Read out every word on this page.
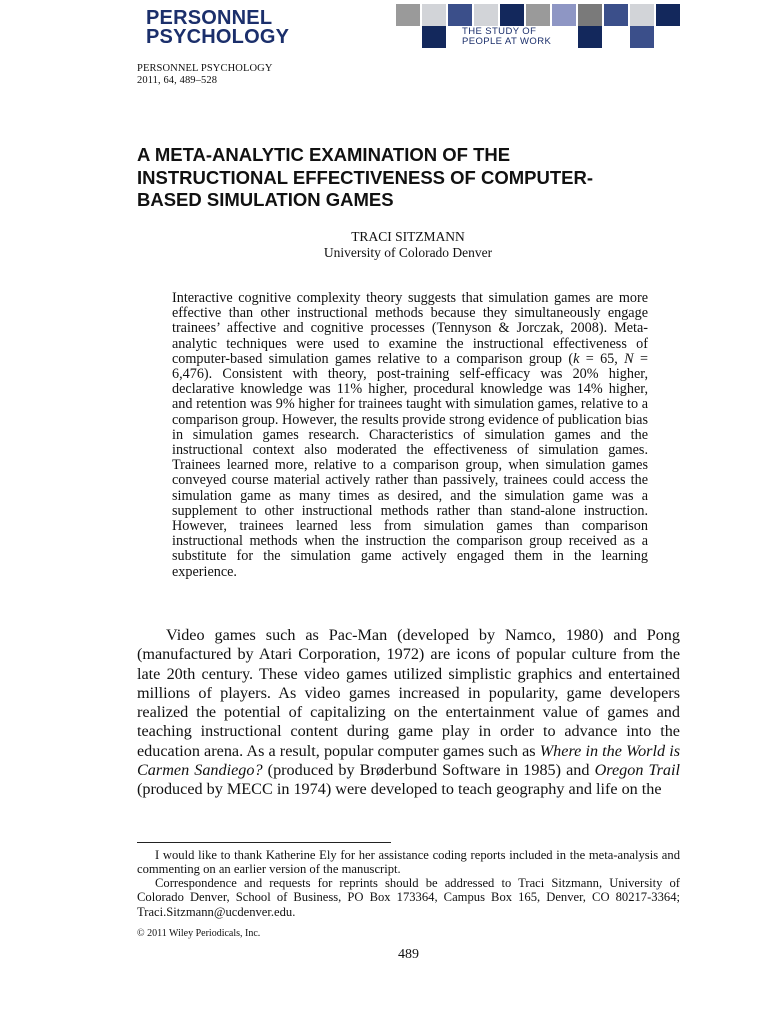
PERSONNEL
PSYCHOLOGY	THE STUDY OF
PEOPLE AT WORK
PERSONNEL PSYCHOLOGY
2011, 64, 489–528
A META-ANALYTIC EXAMINATION OF THE INSTRUCTIONAL EFFECTIVENESS OF COMPUTER-BASED SIMULATION GAMES
TRACI SITZMANN
University of Colorado Denver
Interactive cognitive complexity theory suggests that simulation games are more effective than other instructional methods because they simultaneously engage trainees’ affective and cognitive processes (Tennyson & Jorczak, 2008). Meta-analytic techniques were used to examine the instructional effectiveness of computer-based simulation games relative to a comparison group (k = 65, N = 6,476). Consistent with theory, post-training self-efficacy was 20% higher, declarative knowledge was 11% higher, procedural knowledge was 14% higher, and retention was 9% higher for trainees taught with simulation games, relative to a comparison group. However, the results provide strong evidence of publication bias in simulation games research. Characteristics of simulation games and the instructional context also moderated the effectiveness of simulation games. Trainees learned more, relative to a comparison group, when simulation games conveyed course material actively rather than passively, trainees could access the simulation game as many times as desired, and the simulation game was a supplement to other instructional methods rather than stand-alone instruction. However, trainees learned less from simulation games than comparison instructional methods when the instruction the comparison group received as a substitute for the simulation game actively engaged them in the learning experience.
Video games such as Pac-Man (developed by Namco, 1980) and Pong (manufactured by Atari Corporation, 1972) are icons of popular culture from the late 20th century. These video games utilized simplistic graphics and entertained millions of players. As video games increased in popularity, game developers realized the potential of capitalizing on the entertainment value of games and teaching instructional content during game play in order to advance into the education arena. As a result, popular computer games such as Where in the World is Carmen Sandiego? (produced by Brøderbund Software in 1985) and Oregon Trail (produced by MECC in 1974) were developed to teach geography and life on the
I would like to thank Katherine Ely for her assistance coding reports included in the meta-analysis and commenting on an earlier version of the manuscript.
Correspondence and requests for reprints should be addressed to Traci Sitzmann, University of Colorado Denver, School of Business, PO Box 173364, Campus Box 165, Denver, CO 80217-3364; Traci.Sitzmann@ucdenver.edu.
© 2011 Wiley Periodicals, Inc.
489
